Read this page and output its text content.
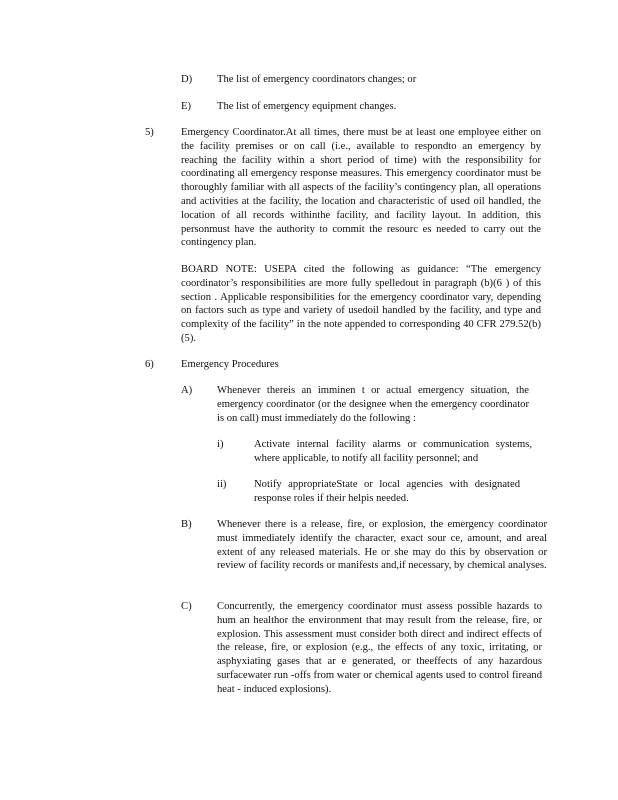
D) The list of emergency coordinators changes; or
E) The list of emergency equipment changes.
5)	Emergency Coordinator.At all times, there must be at least one employee either on the facility premises or on call (i.e., available to respondto an emergency by reaching the facility within a short period of time) with the responsibility for coordinating all emergency response measures. This emergency coordinator must be thoroughly familiar with all aspects of the facility’s contingency plan, all operations and activities at the facility, the location and characteristic of used oil handled, the location of all records withinthe facility, and facility layout. In addition, this personmust have the authority to commit the resourc es needed to carry out the contingency plan.
BOARD NOTE: USEPA cited the following as guidance: “The emergency coordinator’s responsibilities are more fully spelledout in paragraph (b)(6 ) of this section . Applicable responsibilities for the emergency coordinator vary, depending on factors such as type and variety of usedoil handled by the facility, and type and complexity of the facility” in the note appended to corresponding 40 CFR 279.52(b)(5).
6)	Emergency Procedures
A) Whenever thereis an imminen t or actual emergency situation, the emergency coordinator (or the designee when the emergency coordinator is on call) must immediately do the following :
i)	Activate internal facility alarms or communication systems, where applicable, to notify all facility personnel; and
ii)	Notify appropriateState or local agencies with designated response roles if their helpis needed.
B) Whenever there is a release, fire, or explosion, the emergency coordinator must immediately identify the character, exact sour ce, amount, and areal extent of any released materials. He or she may do this by observation or review of facility records or manifests and,if necessary, by chemical analyses.
C) Concurrently, the emergency coordinator must assess possible hazards to hum an healthor the environment that may result from the release, fire, or explosion. This assessment must consider both direct and indirect effects of the release, fire, or explosion (e.g., the effects of any toxic, irritating, or asphyxiating gases that ar e generated, or theeffects of any hazardous surfacewater run -offs from water or chemical agents used to control fireand heat - induced explosions).
